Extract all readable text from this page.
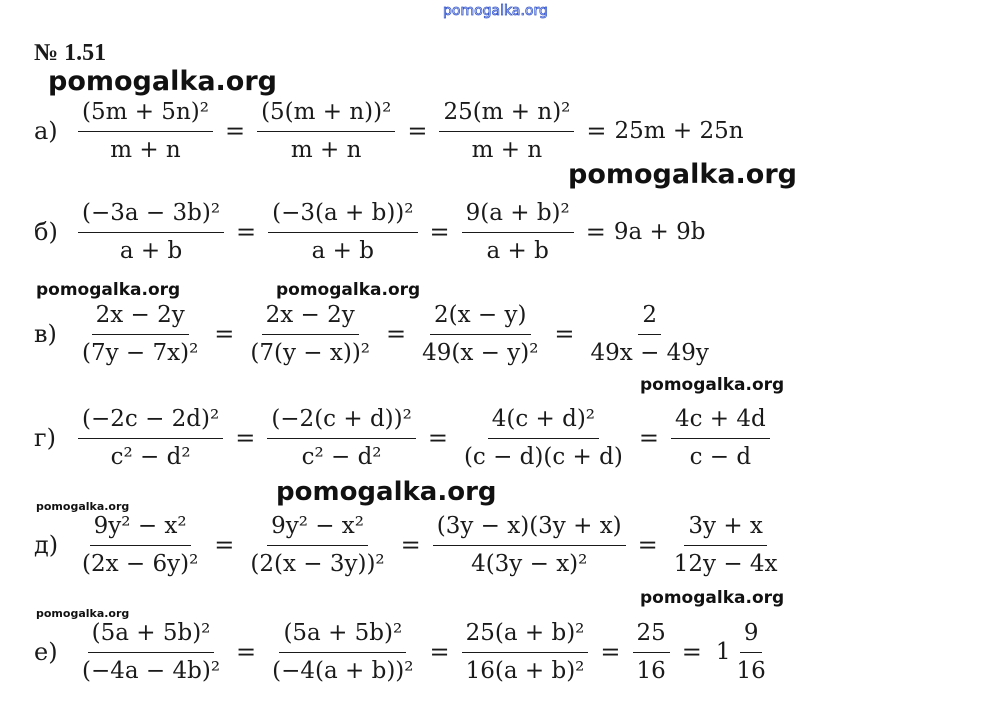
pomogalka.org
№ 1.51
$а) \frac{\text{(5m + 5n)²}}{m + n} = \frac{\text{(5(m + n))²}}{m + n} = \frac{\text{25(m + n)²}}{m + n} = 25m + 25n$
$б) \frac{\text{(−3a − 3b)²}}{a + b} = \frac{\text{(−3(a + b))²}}{a + b} = \frac{\text{9(a + b)²}}{a + b} = 9a + 9b$
$в) \frac{2x - 2y}{\text{(7y − 7x)²}} = \frac{2x - 2y}{\text{(7(y − x))²}} = \frac{2(x - y)}{\text{49(x − y)²}} = \frac{2}{49x - 49y}$
$г) \frac{\text{(−2c − 2d)²}}{\text{c² − d²}} = \frac{\text{(−2(c + d))²}}{\text{c² − d²}} = \frac{\text{4(c + d)²}}{(c - d)(c + d)} = \frac{4c + 4d}{c - d}$
$д) \frac{\text{9y² − x²}}{\text{(2x − 6y)²}} = \frac{\text{9y² − x²}}{\text{(2(x − 3y))²}} = \frac{(3y - x)(3y + x)}{\text{4(3y − x)²}} = \frac{3y + x}{12y - 4x}$
$е) \frac{\text{(5a + 5b)²}}{\text{(−4a − 4b)²}} = \frac{\text{(5a + 5b)²}}{\text{(−4(a + b))²}} = \frac{\text{25(a + b)²}}{\text{16(a + b)²}} = \frac{25}{16} = 1 \frac{9}{16}$
pomogalka.org
pomogalka.org
pomogalka.org	pomogalka.org
pomogalka.org
pomogalka.org
pomogalka.org
pomogalka.org
pomogalka.org
